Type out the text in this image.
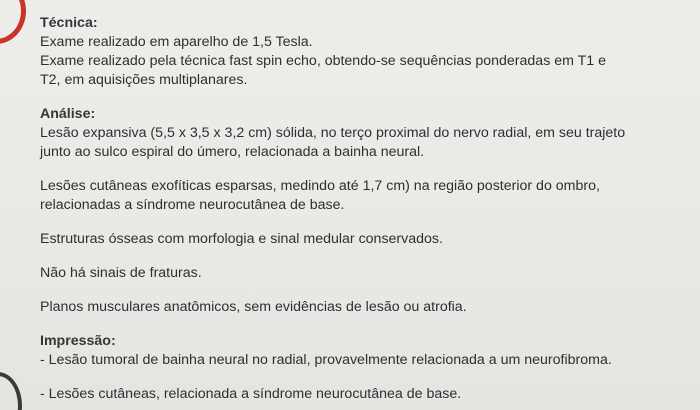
Técnica:
Exame realizado em aparelho de 1,5 Tesla.
Exame realizado pela técnica fast spin echo, obtendo-se sequências ponderadas em T1 e
T2, em aquisições multiplanares.
Análise:
Lesão expansiva (5,5 x 3,5 x 3,2 cm) sólida, no terço proximal do nervo radial, em seu trajeto
junto ao sulco espiral do úmero, relacionada a bainha neural.
Lesões cutâneas exofíticas esparsas, medindo até 1,7 cm) na região posterior do ombro,
relacionadas a síndrome neurocutânea de base.
Estruturas ósseas com morfologia e sinal medular conservados.
Não há sinais de fraturas.
Planos musculares anatômicos, sem evidências de lesão ou atrofia.
Impressão:
- Lesão tumoral de bainha neural no radial, provavelmente relacionada a um neurofibroma.
- Lesões cutâneas, relacionada a síndrome neurocutânea de base.
